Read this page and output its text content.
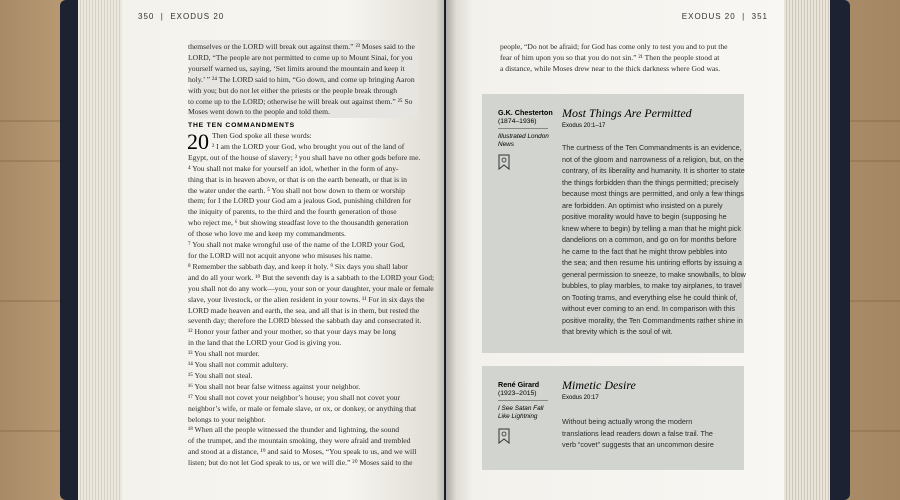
350  |  EXODUS 20

themselves or the LORD will break out against them.” ²³ Moses said to the

LORD, “The people are not permitted to come up to Mount Sinai, for you

yourself warned us, saying, ‘Set limits around the mountain and keep it

holy.’ ” ²⁴ The LORD said to him, “Go down, and come up bringing Aaron

with you; but do not let either the priests or the people break through

to come up to the LORD; otherwise he will break out against them.” ²⁵ So

Moses went down to the people and told them.

THE TEN COMMANDMENTS
20 Then God spoke all these words:

² I am the LORD your God, who brought you out of the land of

Egypt, out of the house of slavery; ³ you shall have no other gods before me.

⁴ You shall not make for yourself an idol, whether in the form of any-

thing that is in heaven above, or that is on the earth beneath, or that is in

the water under the earth. ⁵ You shall not bow down to them or worship

them; for I the LORD your God am a jealous God, punishing children for

the iniquity of parents, to the third and the fourth generation of those

who reject me, ⁶ but showing steadfast love to the thousandth generation

of those who love me and keep my commandments.

⁷ You shall not make wrongful use of the name of the LORD your God,

for the LORD will not acquit anyone who misuses his name.

⁸ Remember the sabbath day, and keep it holy. ⁹ Six days you shall labor

and do all your work. ¹⁰ But the seventh day is a sabbath to the LORD your God;

you shall not do any work—you, your son or your daughter, your male or female

slave, your livestock, or the alien resident in your towns. ¹¹ For in six days the

LORD made heaven and earth, the sea, and all that is in them, but rested the

seventh day; therefore the LORD blessed the sabbath day and consecrated it.

¹² Honor your father and your mother, so that your days may be long

in the land that the LORD your God is giving you.

¹³ You shall not murder.

¹⁴ You shall not commit adultery.

¹⁵ You shall not steal.

¹⁶ You shall not bear false witness against your neighbor.

¹⁷ You shall not covet your neighbor’s house; you shall not covet your

neighbor’s wife, or male or female slave, or ox, or donkey, or anything that

belongs to your neighbor.

¹⁸ When all the people witnessed the thunder and lightning, the sound

of the trumpet, and the mountain smoking, they were afraid and trembled

and stood at a distance, ¹⁹ and said to Moses, “You speak to us, and we will

listen; but do not let God speak to us, or we will die.” ²⁰ Moses said to the

EXODUS 20  |  351

people, “Do not be afraid; for God has come only to test you and to put the

fear of him upon you so that you do not sin.” ²¹ Then the people stood at

a distance, while Moses drew near to the thick darkness where God was.

G.K. Chesterton
(1874–1936)
Illustrated London
News
Most Things Are Permitted
Exodus 20:1–17

The curtness of the Ten Commandments is an evidence,

not of the gloom and narrowness of a religion, but, on the

contrary, of its liberality and humanity. It is shorter to state

the things forbidden than the things permitted; precisely

because most things are permitted, and only a few things

are forbidden. An optimist who insisted on a purely

positive morality would have to begin (supposing he

knew where to begin) by telling a man that he might pick

dandelions on a common, and go on for months before

he came to the fact that he might throw pebbles into

the sea; and then resume his untiring efforts by issuing a

general permission to sneeze, to make snowballs, to blow

bubbles, to play marbles, to make toy airplanes, to travel

on Tooting trams, and everything else he could think of,

without ever coming to an end. In comparison with this

positive morality, the Ten Commandments rather shine in

that brevity which is the soul of wit.

René Girard
(1923–2015)
I See Satan Fall
Like Lightning
Mimetic Desire
Exodus 20:17

Without being actually wrong the modern

translations lead readers down a false trail. The

verb “covet” suggests that an uncommon desire
